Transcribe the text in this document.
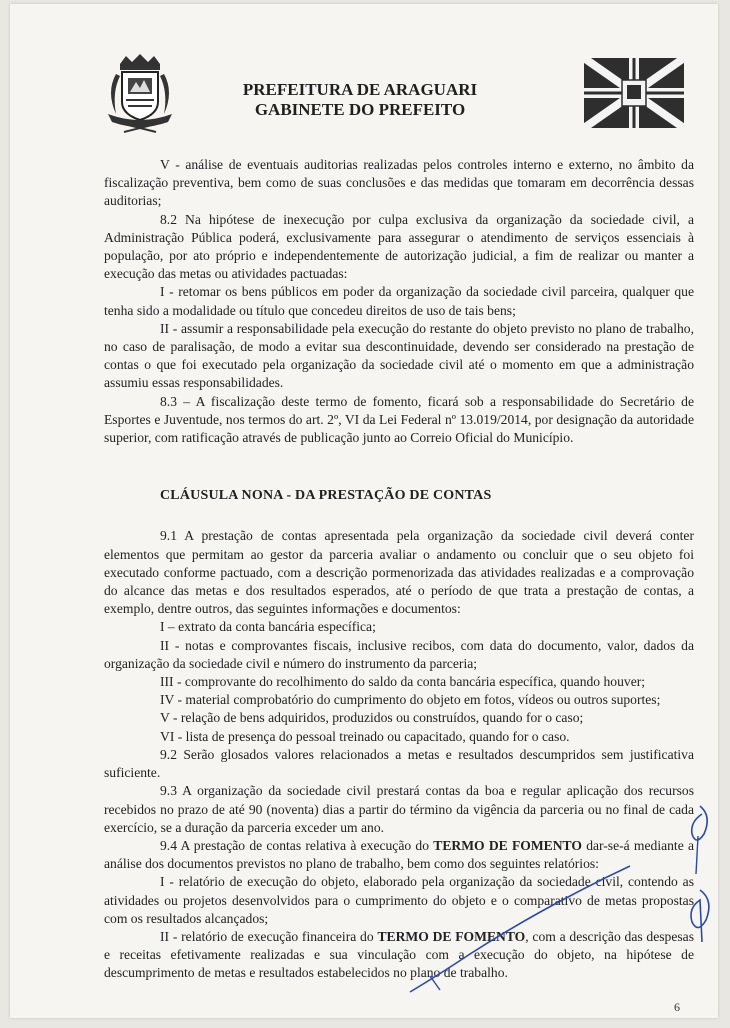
PREFEITURA DE ARAGUARI
GABINETE DO PREFEITO

V - análise de eventuais auditorias realizadas pelos controles interno e externo, no âmbito da fiscalização preventiva, bem como de suas conclusões e das medidas que tomaram em decorrência dessas auditorias;

8.2 Na hipótese de inexecução por culpa exclusiva da organização da sociedade civil, a Administração Pública poderá, exclusivamente para assegurar o atendimento de serviços essenciais à população, por ato próprio e independentemente de autorização judicial, a fim de realizar ou manter a execução das metas ou atividades pactuadas:

I - retomar os bens públicos em poder da organização da sociedade civil parceira, qualquer que tenha sido a modalidade ou título que concedeu direitos de uso de tais bens;

II - assumir a responsabilidade pela execução do restante do objeto previsto no plano de trabalho, no caso de paralisação, de modo a evitar sua descontinuidade, devendo ser considerado na prestação de contas o que foi executado pela organização da sociedade civil até o momento em que a administração assumiu essas responsabilidades.

8.3 – A fiscalização deste termo de fomento, ficará sob a responsabilidade do Secretário de Esportes e Juventude, nos termos do art. 2º, VI da Lei Federal nº 13.019/2014, por designação da autoridade superior, com ratificação através de publicação junto ao Correio Oficial do Município.

CLÁUSULA NONA - DA PRESTAÇÃO DE CONTAS

9.1 A prestação de contas apresentada pela organização da sociedade civil deverá conter elementos que permitam ao gestor da parceria avaliar o andamento ou concluir que o seu objeto foi executado conforme pactuado, com a descrição pormenorizada das atividades realizadas e a comprovação do alcance das metas e dos resultados esperados, até o período de que trata a prestação de contas, a exemplo, dentre outros, das seguintes informações e documentos:

I – extrato da conta bancária específica;

II - notas e comprovantes fiscais, inclusive recibos, com data do documento, valor, dados da organização da sociedade civil e número do instrumento da parceria;

III - comprovante do recolhimento do saldo da conta bancária específica, quando houver;

IV - material comprobatório do cumprimento do objeto em fotos, vídeos ou outros suportes;

V - relação de bens adquiridos, produzidos ou construídos, quando for o caso;

VI - lista de presença do pessoal treinado ou capacitado, quando for o caso.

9.2 Serão glosados valores relacionados a metas e resultados descumpridos sem justificativa suficiente.

9.3 A organização da sociedade civil prestará contas da boa e regular aplicação dos recursos recebidos no prazo de até 90 (noventa) dias a partir do término da vigência da parceria ou no final de cada exercício, se a duração da parceria exceder um ano.

9.4 A prestação de contas relativa à execução do TERMO DE FOMENTO dar-se-á mediante a análise dos documentos previstos no plano de trabalho, bem como dos seguintes relatórios:

I - relatório de execução do objeto, elaborado pela organização da sociedade civil, contendo as atividades ou projetos desenvolvidos para o cumprimento do objeto e o comparativo de metas propostas com os resultados alcançados;

II - relatório de execução financeira do TERMO DE FOMENTO, com a descrição das despesas e receitas efetivamente realizadas e sua vinculação com a execução do objeto, na hipótese de descumprimento de metas e resultados estabelecidos no plano de trabalho.

6
